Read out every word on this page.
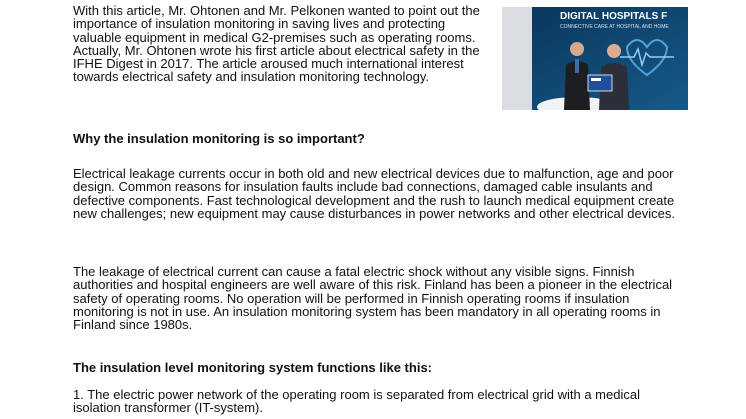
With this article, Mr. Ohtonen and Mr. Pelkonen wanted to point out the importance of insulation monitoring in saving lives and protecting valuable equipment in medical G2-premises such as operating rooms. Actually, Mr. Ohtonen wrote his first article about electrical safety in the IFHE Digest in 2017. The article aroused much international interest towards electrical safety and insulation monitoring technology.

Why the insulation monitoring is so important?

Electrical leakage currents occur in both old and new electrical devices due to malfunction, age and poor design. Common reasons for insulation faults include bad connections, damaged cable insulants and defective components. Fast technological development and the rush to launch medical equipment create new challenges; new equipment may cause disturbances in power networks and other electrical devices.

The leakage of electrical current can cause a fatal electric shock without any visible signs. Finnish authorities and hospital engineers are well aware of this risk. Finland has been a pioneer in the electrical safety of operating rooms. No operation will be performed in Finnish operating rooms if insulation monitoring is not in use. An insulation monitoring system has been mandatory in all operating rooms in Finland since 1980s.

The insulation level monitoring system functions like this:

1. The electric power network of the operating room is separated from electrical grid with a medical isolation transformer (IT-system).

DIGITAL HOSPITALS F
CONNECTIVE CARE AT HOSPITAL AND HOME
